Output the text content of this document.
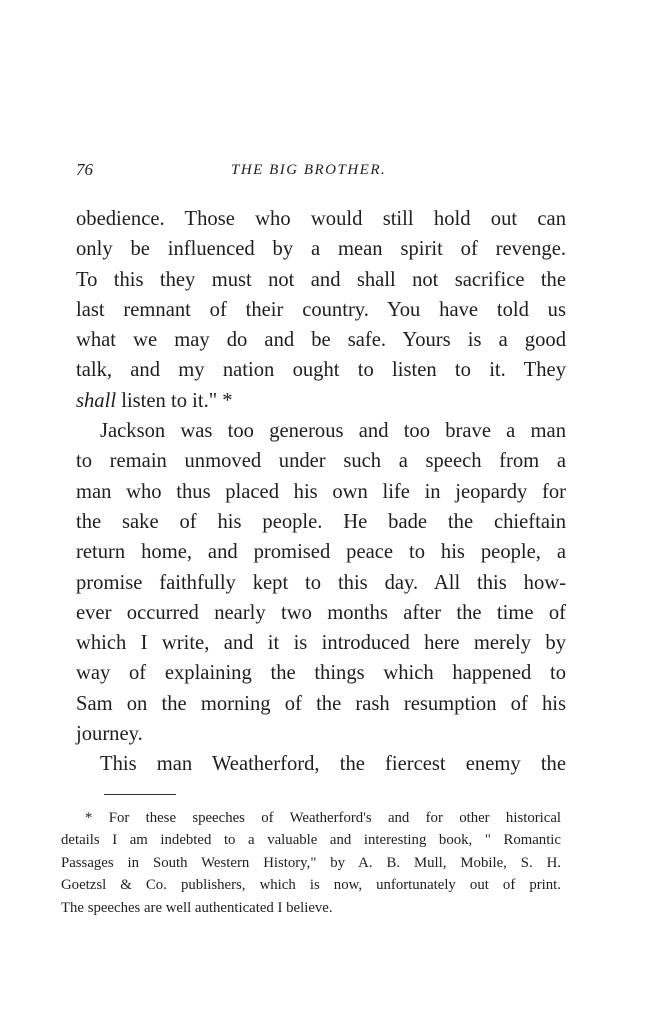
76	THE BIG BROTHER.
obedience. Those who would still hold out can
only be influenced by a mean spirit of revenge.
To this they must not and shall not sacrifice the
last remnant of their country. You have told us
what we may do and be safe. Yours is a good
talk, and my nation ought to listen to it. They
shall listen to it." *
Jackson was too generous and too brave a man
to remain unmoved under such a speech from a
man who thus placed his own life in jeopardy for
the sake of his people. He bade the chieftain
return home, and promised peace to his people, a
promise faithfully kept to this day. All this how-
ever occurred nearly two months after the time of
which I write, and it is introduced here merely by
way of explaining the things which happened to
Sam on the morning of the rash resumption of his
journey.
This man Weatherford, the fiercest enemy the
* For these speeches of Weatherford's and for other historical
details I am indebted to a valuable and interesting book, " Romantic
Passages in South Western History," by A. B. Mull, Mobile, S. H.
Goetzsl & Co. publishers, which is now, unfortunately out of print.
The speeches are well authenticated I believe.
